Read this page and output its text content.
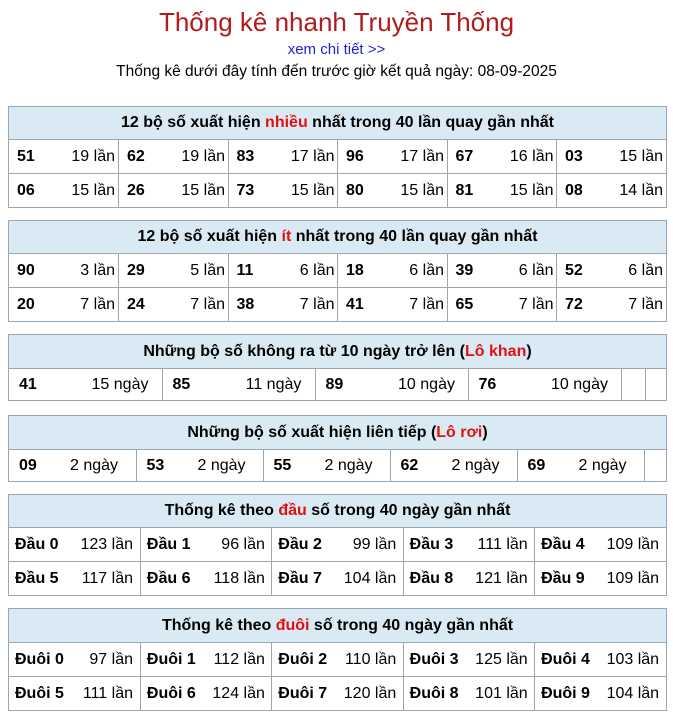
Thống kê nhanh Truyền Thống
xem chi tiết >>
Thống kê dưới đây tính đến trước giờ kết quả ngày: 08-09-2025
12 bộ số xuất hiện nhiều nhất trong 40 lần quay gần nhất
51 19 lần	62 19 lần	83 17 lần	96 17 lần	67 16 lần	03 15 lần
06 15 lần	26 15 lần	73 15 lần	80 15 lần	81 15 lần	08 14 lần
12 bộ số xuất hiện ít nhất trong 40 lần quay gần nhất
90 3 lần	29 5 lần	11 6 lần	18 6 lần	39 6 lần	52 6 lần
20 7 lần	24 7 lần	38 7 lần	41 7 lần	65 7 lần	72 7 lần
Những bộ số không ra từ 10 ngày trở lên (Lô khan)
41	15 ngày	85	11 ngày	89	10 ngày	76	10 ngày		
Những bộ số xuất hiện liên tiếp (Lô rơi)
09 2 ngày	53 2 ngày	55 2 ngày	62 2 ngày	69 2 ngày	
Thống kê theo đầu số trong 40 ngày gần nhất
Đầu 0 123 lần	Đầu 1 96 lần	Đầu 2 99 lần	Đầu 3 111 lần	Đầu 4 109 lần
Đầu 5 117 lần	Đầu 6 118 lần	Đầu 7 104 lần	Đầu 8 121 lần	Đầu 9 109 lần
Thống kê theo đuôi số trong 40 ngày gần nhất
Đuôi 0 97 lần	Đuôi 1 112 lần	Đuôi 2 110 lần	Đuôi 3 125 lần	Đuôi 4 103 lần
Đuôi 5 111 lần	Đuôi 6 124 lần	Đuôi 7 120 lần	Đuôi 8 101 lần	Đuôi 9 104 lần
